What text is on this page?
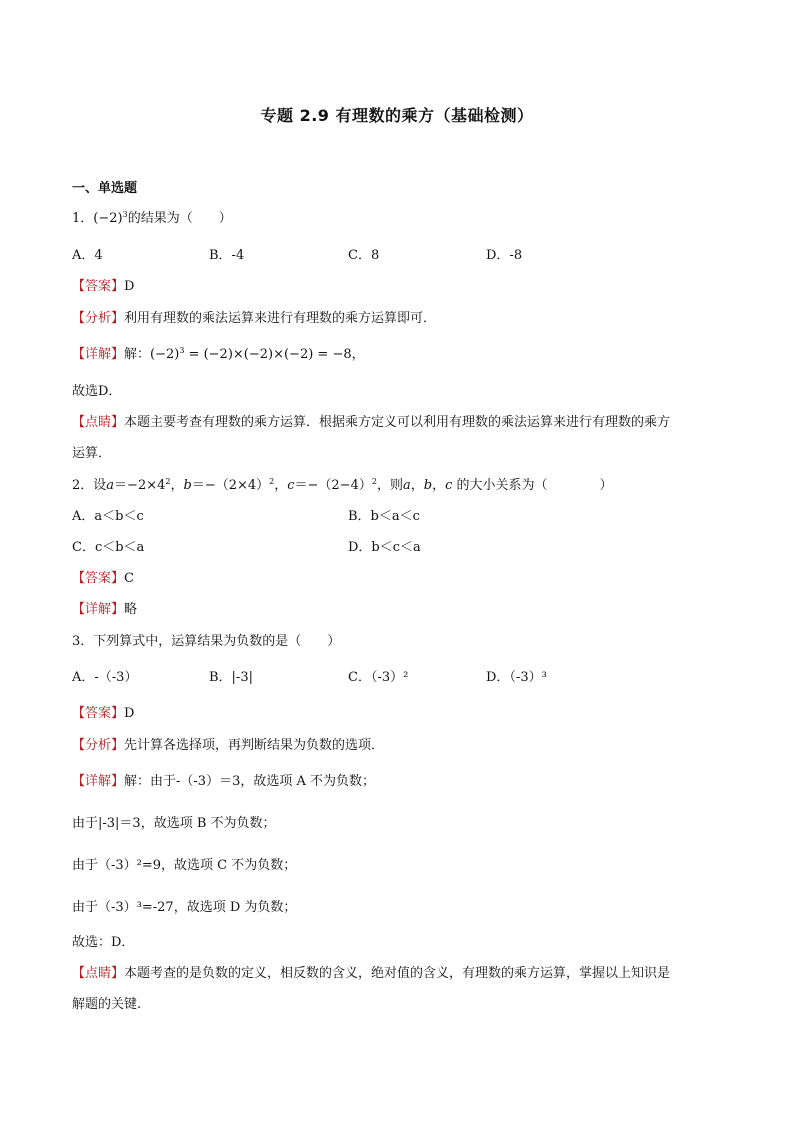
专题 2.9 有理数的乘方（基础检测）
一、单选题
1．$(-2)^3$的结果为（　　）
A．4	B．-4	C．8	D．-8
【答案】D
【分析】利用有理数的乘法运算来进行有理数的乘方运算即可．
【详解】解：$(-2)^3 = (-2)\times(-2)\times(-2) = -8$，
故选D．
【点睛】本题主要考查有理数的乘方运算．根据乘方定义可以利用有理数的乘法运算来进行有理数的乘方
运算．
2．设$a=-2\times 4^2$，$b=-(2\times 4)^2$，$c=-(2-4)^2$，则a，b，c 的大小关系为（　　　　）
A．a＜b＜c	B．b＜a＜c
C．c＜b＜a	D．b＜c＜a
【答案】C
【详解】略
3．下列算式中，运算结果为负数的是（　　）
A．-（-3）	B．|-3|	C．（-3）²	D．（-3）³
【答案】D
【分析】先计算各选择项，再判断结果为负数的选项．
【详解】解：由于-（-3）＝3，故选项 A 不为负数；
由于|-3|＝3，故选项 B 不为负数；
由于（-3）²=9，故选项 C 不为负数；
由于（-3）³=-27，故选项 D 为负数；
故选：D．
【点睛】本题考查的是负数的定义，相反数的含义，绝对值的含义，有理数的乘方运算，掌握以上知识是
解题的关键.
